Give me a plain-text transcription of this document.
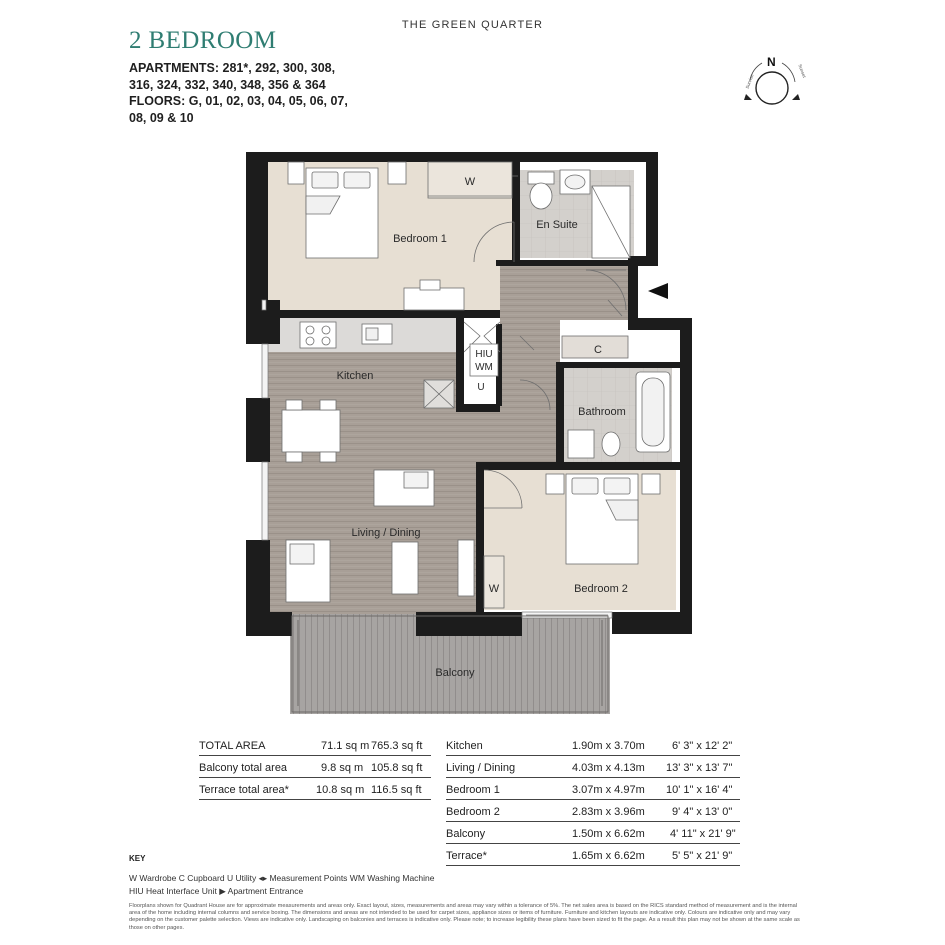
THE GREEN QUARTER
2 BEDROOM
APARTMENTS: 281*, 292, 300, 308,
316, 324, 332, 340, 348, 356 & 364
FLOORS: G, 01, 02, 03, 04, 05, 06, 07,
08, 09 & 10
N
Sunrise
Sunset
Bedroom 1
W
En Suite
Kitchen
HIU
WM
U
C
Bathroom
Living / Dining
Bedroom 2
W
Balcony
TOTAL AREA	71.1 sq m 765.3 sq ft
Balcony total area	9.8 sq m 105.8 sq ft
Terrace total area* 10.8 sq m 116.5 sq ft
Kitchen	1.90m x 3.70m 6' 3" x 12' 2"
Living / Dining	4.03m x 4.13m 13' 3" x 13' 7"
Bedroom 1	3.07m x 4.97m 10' 1" x 16' 4"
Bedroom 2	2.83m x 3.96m 9' 4" x 13' 0"
Balcony	1.50m x 6.62m 4' 11" x 21' 9"
Terrace*	1.65m x 6.62m 5' 5" x 21' 9"
KEY
W Wardrobe C Cupboard U Utility ◂▸ Measurement Points WM Washing Machine
HIU Heat Interface Unit ▶ Apartment Entrance
Floorplans shown for Quadrant House are for approximate measurements and areas only. Exact layout, sizes, measurements and areas may vary within a tolerance of 5%. The net sales area is based on the RICS standard method of measurement and is the internal area of the home including internal columns and service boxing. The dimensions and areas are not intended to be used for carpet sizes, appliance sizes or items of furniture. Furniture and kitchen layouts are indicative only. Colours are indicative only and may vary depending on the customer palette selection. Views are indicative only. Landscaping on balconies and terraces is indicative only. Please note; to increase legibility these plans have been sized to fit the page. As a result this plan may not be shown at the same scale as those on other pages.
